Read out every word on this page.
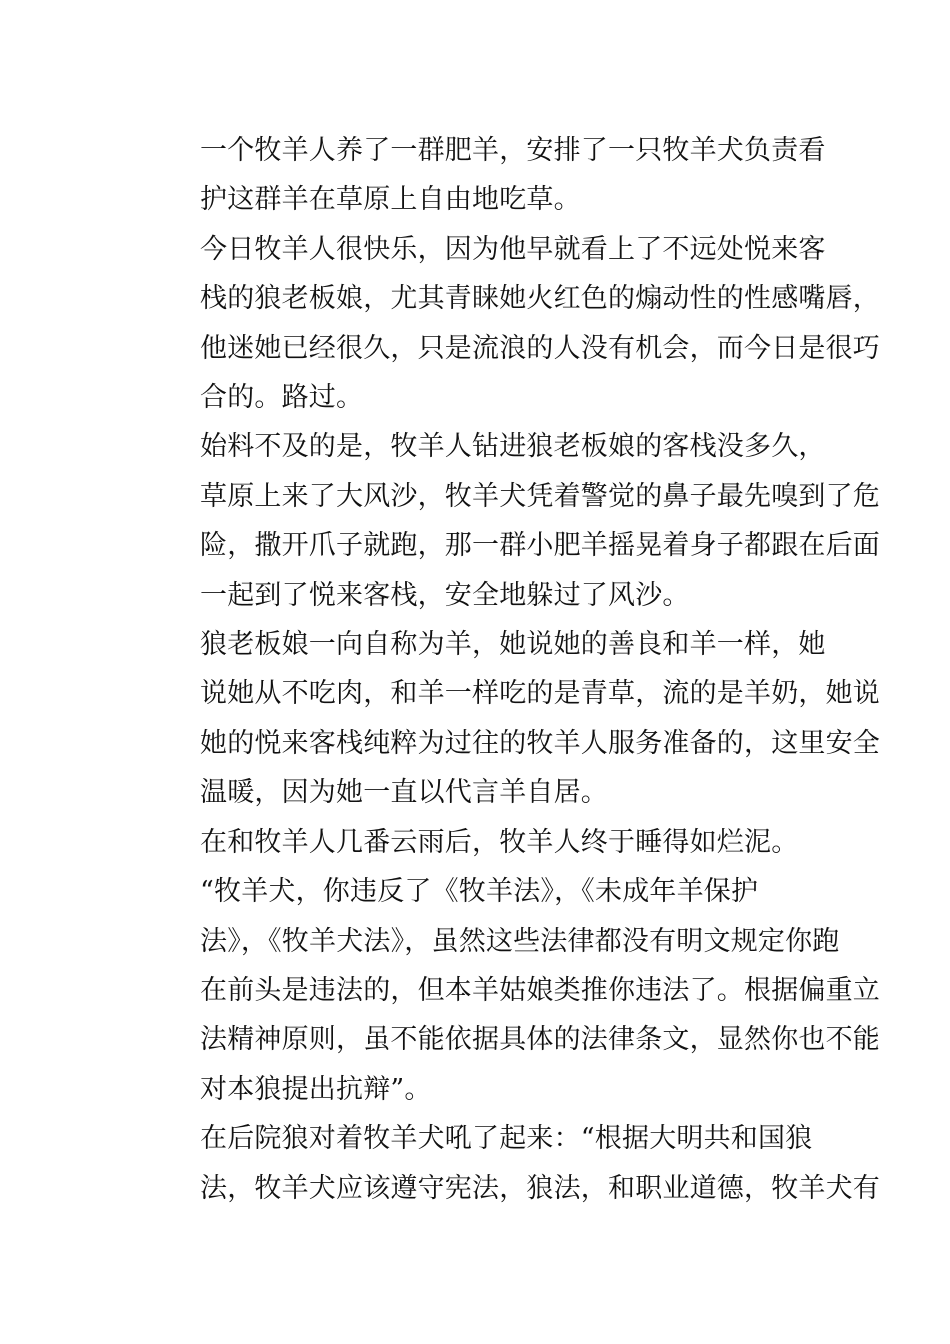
一个牧羊人养了一群肥羊，安排了一只牧羊犬负责看
护这群羊在草原上自由地吃草。

今日牧羊人很快乐，因为他早就看上了不远处悦来客
栈的狼老板娘，尤其青睐她火红色的煽动性的性感嘴唇，
他迷她已经很久，只是流浪的人没有机会，而今日是很巧
合的。路过。

始料不及的是，牧羊人钻进狼老板娘的客栈没多久，
草原上来了大风沙，牧羊犬凭着警觉的鼻子最先嗅到了危
险，撒开爪子就跑，那一群小肥羊摇晃着身子都跟在后面
一起到了悦来客栈，安全地躲过了风沙。

狼老板娘一向自称为羊，她说她的善良和羊一样，她
说她从不吃肉，和羊一样吃的是青草，流的是羊奶，她说
她的悦来客栈纯粹为过往的牧羊人服务准备的，这里安全
温暖，因为她一直以代言羊自居。

在和牧羊人几番云雨后，牧羊人终于睡得如烂泥。

“牧羊犬，你违反了《牧羊法》，《未成年羊保护
法》，《牧羊犬法》，虽然这些法律都没有明文规定你跑
在前头是违法的，但本羊姑娘类推你违法了。根据偏重立
法精神原则，虽不能依据具体的法律条文，显然你也不能
对本狼提出抗辩”。

在后院狼对着牧羊犬吼了起来：“根据大明共和国狼
法，牧羊犬应该遵守宪法，狼法，和职业道德，牧羊犬有
